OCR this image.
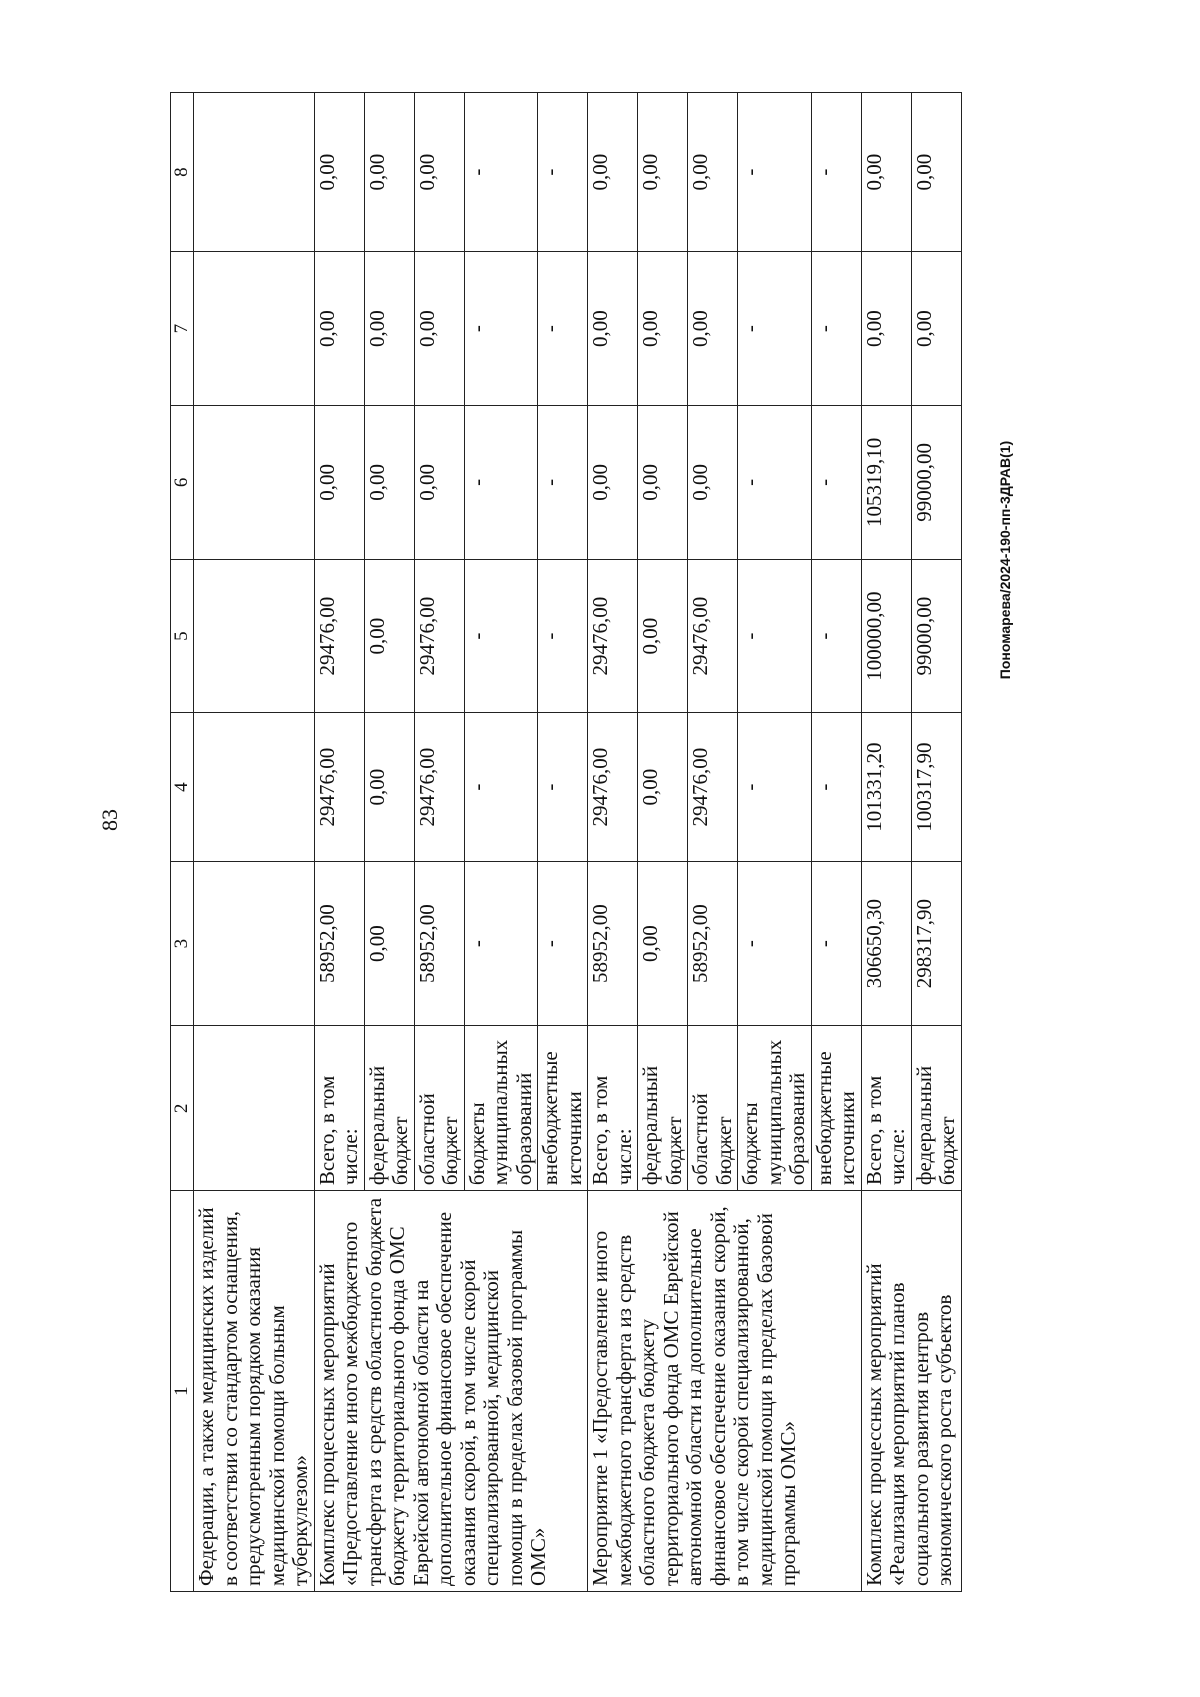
83
1	2	3	4	5	6	7	8
Федерации, а также медицинских изделий в соответствии со стандартом оснащения, предусмотренным порядком оказания медицинской помощи больным туберкулезом»							
Комплекс процессных мероприятий «Предоставление иного межбюджетного трансферта из средств областного бюджета бюджету территориального фонда ОМС Еврейской автономной области на дополнительное финансовое обеспечение оказания скорой, в том числе скорой специализированной, медицинской помощи в пределах базовой программы ОМС»	Всего, в том числе:	58952,00	29476,00	29476,00	0,00	0,00	0,00
	федеральный бюджет	0,00	0,00	0,00	0,00	0,00	0,00
	областной бюджет	58952,00	29476,00	29476,00	0,00	0,00	0,00
	бюджеты муниципальных образований	-	-	-	-	-	-
	внебюджетные источники	-	-	-	-	-	-
Мероприятие 1 «Предоставление иного межбюджетного трансферта из средств областного бюджета бюджету территориального фонда ОМС Еврейской автономной области на дополнительное финансовое обеспечение оказания скорой, в том числе скорой специализированной, медицинской помощи в пределах базовой программы ОМС»	Всего, в том числе:	58952,00	29476,00	29476,00	0,00	0,00	0,00
	федеральный бюджет	0,00	0,00	0,00	0,00	0,00	0,00
	областной бюджет	58952,00	29476,00	29476,00	0,00	0,00	0,00
	бюджеты муниципальных образований	-	-	-	-	-	-
	внебюджетные источники	-	-	-	-	-	-
Комплекс процессных мероприятий «Реализация мероприятий планов социального развития центров экономического роста субъектов	Всего, в том числе:	306650,30	101331,20	100000,00	105319,10	0,00	0,00
	федеральный бюджет	298317,90	100317,90	99000,00	99000,00	0,00	0,00
Пономарева/2024-190-пп-3ДРАВ(1)
